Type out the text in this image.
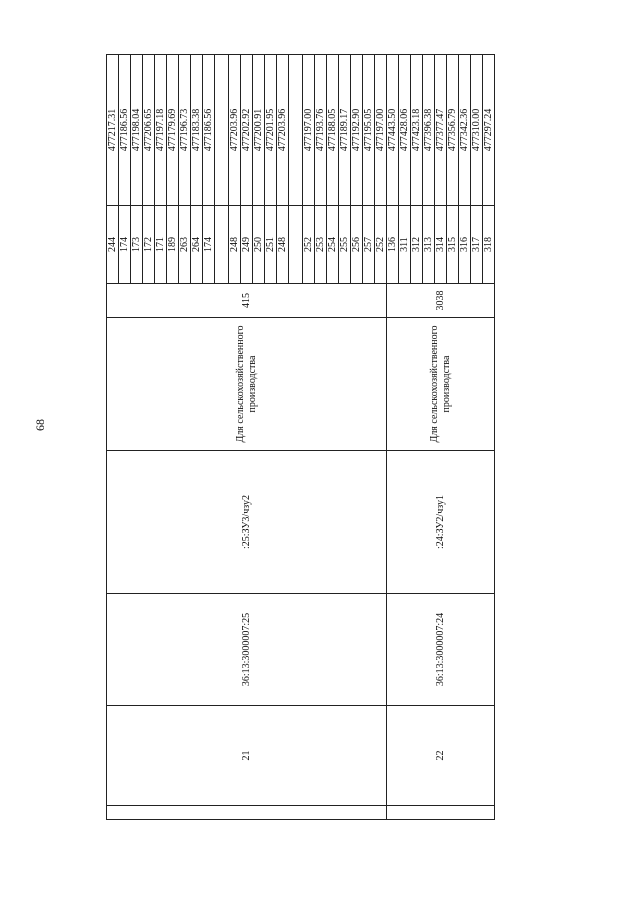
68
	21	36:13:3000007:25	:25:ЗУ3/чзу2	Для сельскохозяйственного производства	415	244	477217.31	
						174	477186.56	
						173	477198.04	
						172	477206.65	
						171	477197.18	
						189	477179.69	
						263	477196.73	
						264	477183.38	
						174	477186.56	

						248	477203.96	
						249	477202.92	
						250	477200.91	
						251	477201.95	
						248	477203.96	

						252	477197.00	
						253	477193.76	
						254	477188.05	
						255	477189.17	
						256	477192.90	
						257	477195.05	
						252	477197.00	
	22	36:13:3000007:24	:24:ЗУ2/чзу1	Для сельскохозяйственного производства	3038	136	477443.50	
						311	477428.06	
						312	477423.18	
						313	477396.38	
						314	477377.47	
						315	477356.79	
						316	477342.36	
						317	477310.00	
						318	477297.24	
